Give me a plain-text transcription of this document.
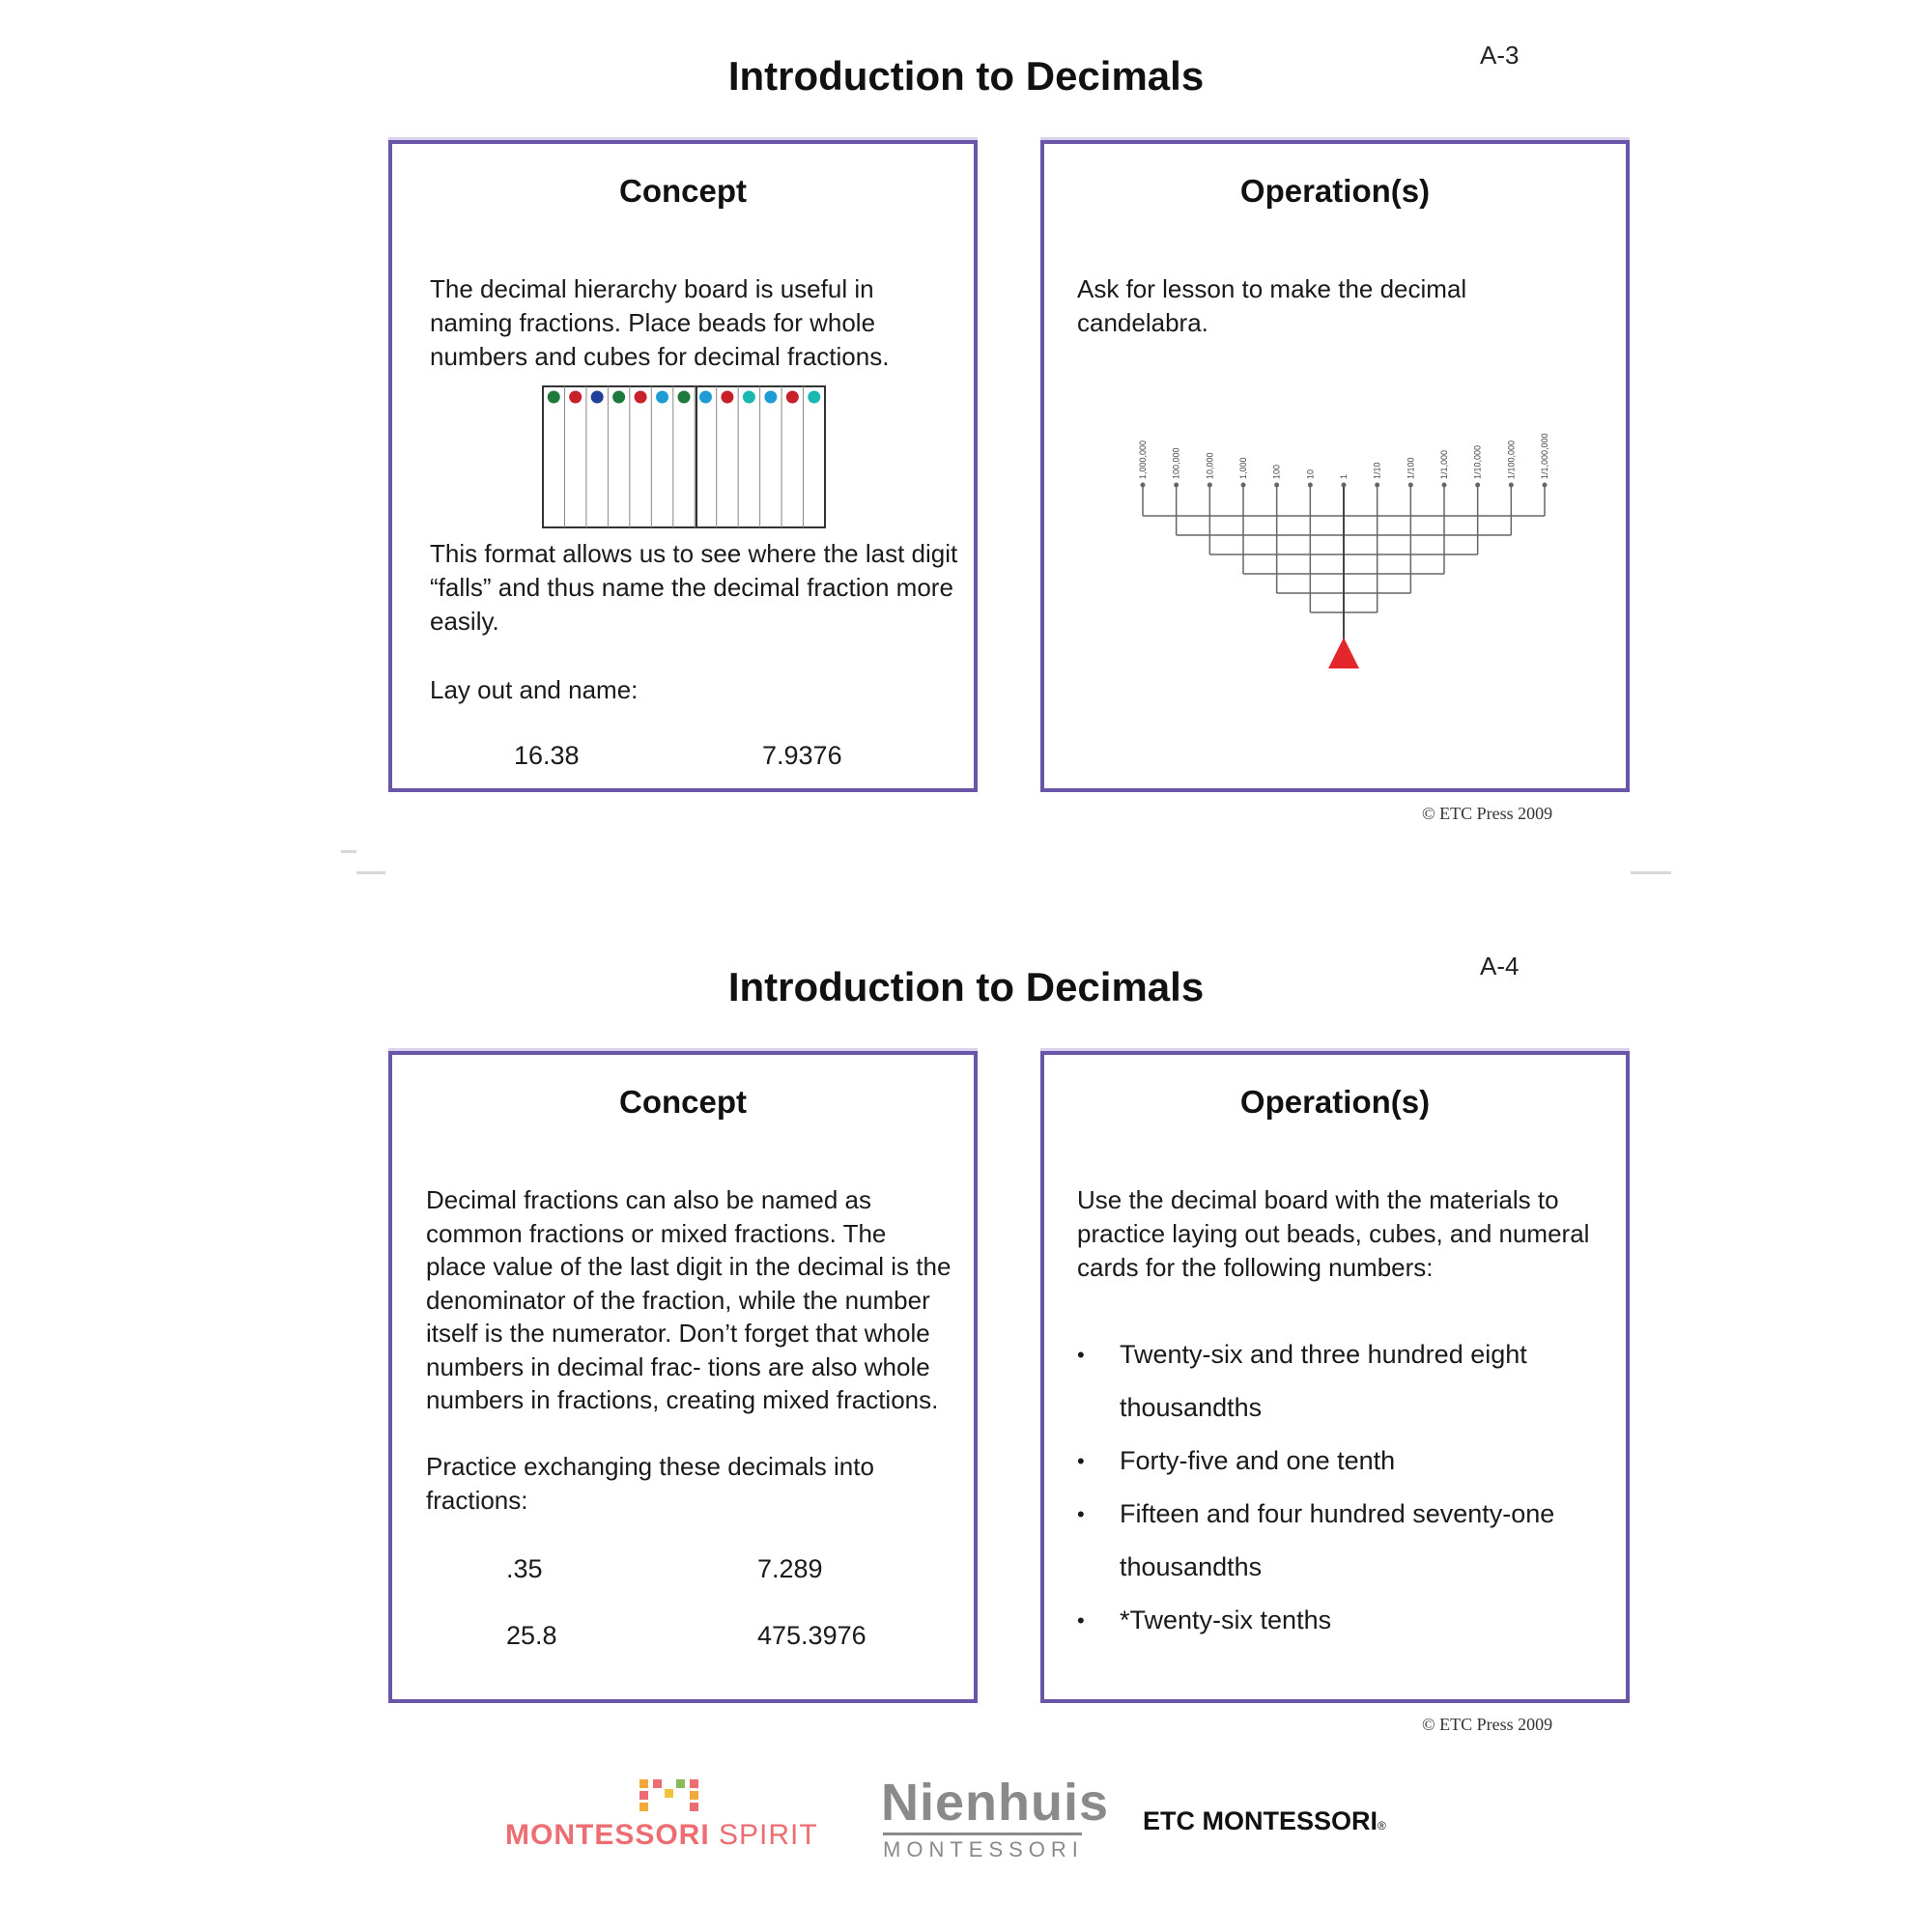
Introduction to Decimals	A-3
Concept
The decimal hierarchy board is useful in naming fractions. Place beads for whole numbers and cubes for decimal fractions.
This format allows us to see where the last digit “falls” and thus name the decimal fraction more easily.
Lay out and name:
16.38	7.9376
Operation(s)
Ask for lesson to make the decimal candelabra.
1,000,000	100,000	10,000	1,000	100	10	1	1/10	1/100	1/1,000	1/10,000	1/100,000	1/1,000,000
© ETC Press 2009
Introduction to Decimals	A-4
Concept
Decimal fractions can also be named as common fractions or mixed fractions. The place value of the last digit in the decimal is the denominator of the fraction, while the number itself is the numerator. Don’t forget that whole numbers in decimal frac- tions are also whole numbers in fractions, creating mixed fractions.
Practice exchanging these decimals into fractions:
.35	7.289
25.8	475.3976
Operation(s)
Use the decimal board with the materials to practice laying out beads, cubes, and numeral cards for the following numbers:
• Twenty-six and three hundred eight thousandths
• Forty-five and one tenth
• Fifteen and four hundred seventy-one thousandths
• *Twenty-six tenths
© ETC Press 2009
MONTESSORI SPIRIT
Nienhuis
MONTESSORI
ETC MONTESSORI®
